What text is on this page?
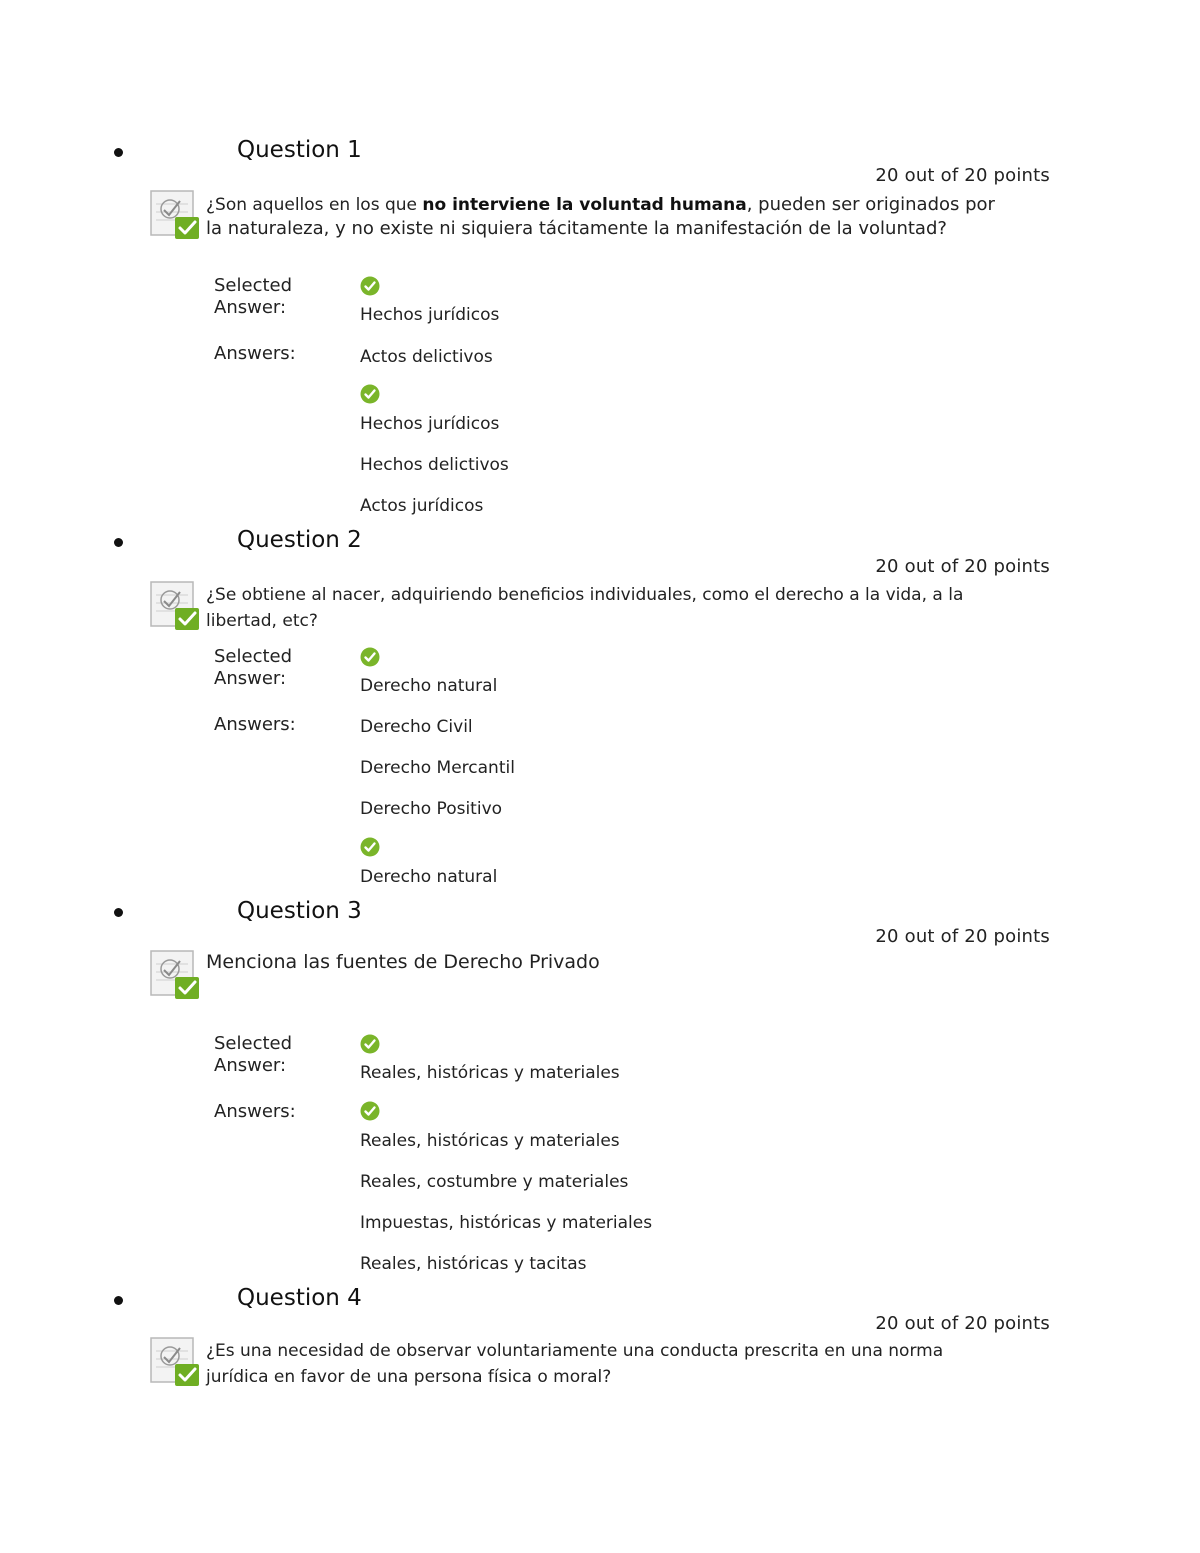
Question 1
20 out of 20 points
¿Son aquellos en los que no interviene la voluntad humana, pueden ser originados por la naturaleza, y no existe ni siquiera tácitamente la manifestación de la voluntad?
Selected Answer:	Hechos jurídicos
Answers:	Actos delictivos
Hechos jurídicos
Hechos delictivos
Actos jurídicos
Question 2
20 out of 20 points
¿Se obtiene al nacer, adquiriendo beneficios individuales, como el derecho a la vida, a la libertad, etc?
Selected Answer:	Derecho natural
Answers:	Derecho Civil
Derecho Mercantil
Derecho Positivo
Derecho natural
Question 3
20 out of 20 points
Menciona las fuentes de Derecho Privado
Selected Answer:	Reales, históricas y materiales
Answers:
Reales, históricas y materiales
Reales, costumbre y materiales
Impuestas, históricas y materiales
Reales, históricas y tacitas
Question 4
20 out of 20 points
¿Es una necesidad de observar voluntariamente una conducta prescrita en una norma jurídica en favor de una persona física o moral?
